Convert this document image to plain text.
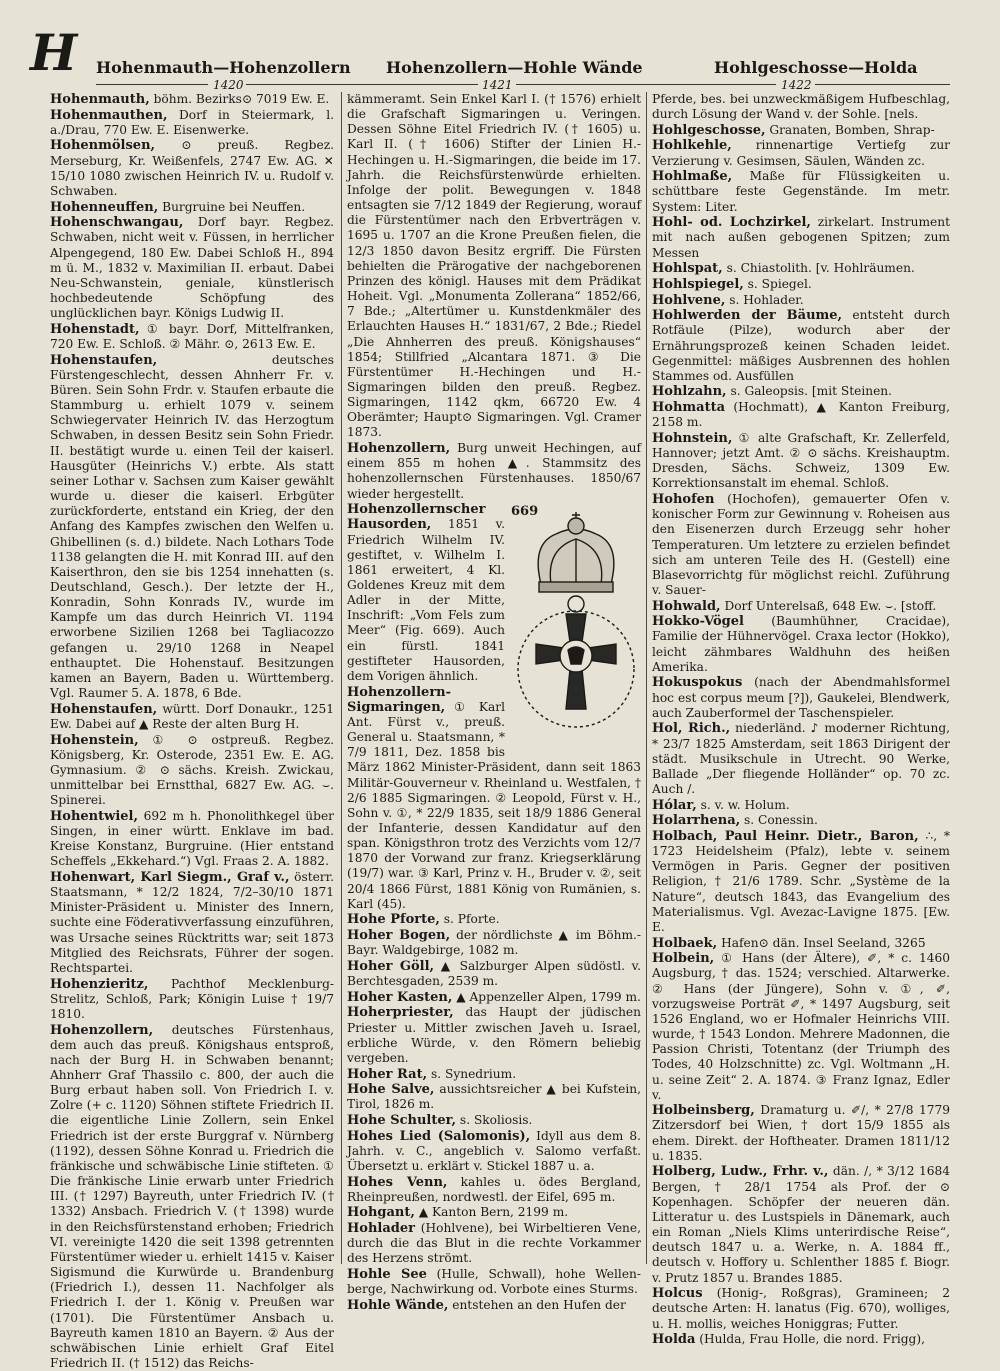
H Hohenmauth—Hohenzollern Hohenzollern—Hohle Wände	Hohlgeschosse—Holda
1420	1421	1422

Hohenmauth, böhm. Bezirks⊙ 7019 Ew. E.

Hohenmauthen, Dorf in Steiermark, l. a./Drau, 770 Ew. E. Eisenwerke.

Hohenmölsen, ⊙ preuß. Regbez. Merseburg, Kr. Weißenfels, 2747 Ew. AG. ✕ 15/10 1080 zwischen Heinrich IV. u. Rudolf v. Schwaben.

Hohenneuffen, Burgruine bei Neuffen.

Hohenschwangau, Dorf bayr. Regbez. Schwaben, nicht weit v. Füssen, in herrlicher Alpengegend, 180 Ew. Dabei Schloß H., 894 m ü. M., 1832 v. Maximilian II. erbaut. Dabei Neu-Schwanstein, geniale, künstlerisch hochbedeutende Schöpfung des unglücklichen bayr. Königs Ludwig II.

Hohenstadt, ① bayr. Dorf, Mittelfranken, 720 Ew. E. Schloß. ② Mähr. ⊙, 2613 Ew. E.

Hohenstaufen, deutsches Fürstengeschlecht, dessen Ahnherr Fr. v. Büren. Sein Sohn Frdr. v. Staufen erbaute die Stammburg u. erhielt 1079 v. seinem Schwiegervater Heinrich IV. das Herzogtum Schwaben, in dessen Besitz sein Sohn Friedr. II. bestätigt wurde u. einen Teil der kaiserl. Hausgüter (Heinrichs V.) erbte. Als statt seiner Lothar v. Sachsen zum Kaiser gewählt wurde u. dieser die kaiserl. Erbgüter zurückforderte, entstand ein Krieg, der den Anfang des Kampfes zwischen den Welfen u. Ghibellinen (s. d.) bildete. Nach Lothars Tode 1138 gelangten die H. mit Konrad III. auf den Kaiserthron, den sie bis 1254 innehatten (s. Deutschland, Gesch.). Der letzte der H., Konradin, Sohn Konrads IV., wurde im Kampfe um das durch Heinrich VI. 1194 erworbene Sizilien 1268 bei Tagliacozzo gefangen u. 29/10 1268 in Neapel enthauptet. Die Hohenstauf. Besitzungen kamen an Bayern, Baden u. Württemberg. Vgl. Raumer 5. A. 1878, 6 Bde.

Hohenstaufen, württ. Dorf Donaukr., 1251 Ew. Dabei auf ▲ Reste der alten Burg H.

Hohenstein, ① ⊙ ostpreuß. Regbez. Königsberg, Kr. Osterode, 2351 Ew. E. AG. Gymnasium. ② ⊙ sächs. Kreish. Zwickau, unmittelbar bei Ernstthal, 6827 Ew. AG. ⌣. Spinerei.

Hohentwiel, 692 m h. Phonolithkegel über Singen, in einer württ. Enklave im bad. Kreise Konstanz, Burgruine. (Hier entstand Scheffels „Ekkehard.“) Vgl. Fraas 2. A. 1882.

Hohenwart, Karl Siegm., Graf v., österr. Staatsmann, * 12/2 1824, 7/2–30/10 1871 Minister-Präsident u. Minister des Innern, suchte eine Föderativverfassung einzuführen, was Ursache seines Rücktritts war; seit 1873 Mitglied des Reichsrats, Führer der sogen. Rechtspartei.

Hohenzieritz, Pachthof Mecklenburg-Strelitz, Schloß, Park; Königin Luise † 19/7 1810.

Hohenzollern, deutsches Fürstenhaus, dem auch das preuß. Königshaus entsproß, nach der Burg H. in Schwaben benannt; Ahnherr Graf Thassilo c. 800, der auch die Burg erbaut haben soll. Von Friedrich I. v. Zolre (+ c. 1120) Söhnen stiftete Friedrich II. die eigentliche Linie Zollern, sein Enkel Friedrich ist der erste Burggraf v. Nürnberg (1192), dessen Söhne Konrad u. Friedrich die fränkische und schwäbische Linie stifteten. ① Die fränkische Linie erwarb unter Friedrich III. († 1297) Bayreuth, unter Friedrich IV. († 1332) Ansbach. Friedrich V. († 1398) wurde in den Reichsfürstenstand erhoben; Friedrich VI. vereinigte 1420 die seit 1398 getrennten Fürstentümer wieder u. erhielt 1415 v. Kaiser Sigismund die Kurwürde u. Brandenburg (Friedrich I.), dessen 11. Nachfolger als Friedrich I. der 1. König v. Preußen war (1701). Die Fürstentümer Ansbach u. Bayreuth kamen 1810 an Bayern. ② Aus der schwäbischen Linie erhielt Graf Eitel Friedrich II. († 1512) das Reichs-

kämmeramt. Sein Enkel Karl I. († 1576) erhielt die Grafschaft Sigmaringen u. Veringen. Dessen Söhne Eitel Friedrich IV. († 1605) u. Karl II. († 1606) Stifter der Linien H.-Hechingen u. H.-Sigmaringen, die beide im 17. Jahrh. die Reichsfürstenwürde erhielten. Infolge der polit. Bewegungen v. 1848 entsagten sie 7/12 1849 der Regierung, worauf die Fürstentümer nach den Erbverträgen v. 1695 u. 1707 an die Krone Preußen fielen, die 12/3 1850 davon Besitz ergriff. Die Fürsten behielten die Prärogative der nachgeborenen Prinzen des königl. Hauses mit dem Prädikat Hoheit. Vgl. „Monumenta Zollerana“ 1852/66, 7 Bde.; „Altertümer u. Kunstdenkmäler des Erlauchten Hauses H.“ 1831/67, 2 Bde.; Riedel „Die Ahnherren des preuß. Königshauses“ 1854; Stillfried „Alcantara 1871. ③ Die Fürstentümer H.-Hechingen und H.-Sigmaringen bilden den preuß. Regbez. Sigmaringen, 1142 qkm, 66720 Ew. 4 Oberämter; Haupt⊙ Sigmaringen. Vgl. Cramer 1873.

Hohenzollern, Burg unweit Hechingen, auf einem 855 m hohen ▲. Stammsitz des hohenzollernschen Fürstenhauses. 1850/67 wieder hergestellt.

669
Hohenzollernscher Hausorden, 1851 v. Friedrich Wilhelm IV. gestiftet, v. Wilhelm I. 1861 erweitert, 4 Kl. Goldenes Kreuz mit dem Adler in der Mitte, Inschrift: „Vom Fels zum Meer“ (Fig. 669). Auch ein fürstl. 1841 gestifteter Hausorden, dem Vorigen ähnlich.

Hohenzollern-Sigmaringen, ① Karl Ant. Fürst v., preuß. General u. Staatsmann, * 7/9 1811, Dez. 1858 bis März 1862 Minister-Präsident, dann seit 1863 Militär-Gouverneur v. Rheinland u. Westfalen, † 2/6 1885 Sigmaringen. ② Leopold, Fürst v. H., Sohn v. ①, * 22/9 1835, seit 18/9 1886 General der Infanterie, dessen Kandidatur auf den span. Königsthron trotz des Verzichts vom 12/7 1870 der Vorwand zur franz. Kriegserklärung (19/7) war. ③ Karl, Prinz v. H., Bruder v. ②, seit 20/4 1866 Fürst, 1881 König von Rumänien, s. Karl (45).

Hohe Pforte, s. Pforte.

Hoher Bogen, der nördlichste ▲ im Böhm.-Bayr. Waldgebirge, 1082 m.

Hoher Göll, ▲ Salzburger Alpen südöstl. v. Berchtesgaden, 2539 m.

Hoher Kasten, ▲ Appenzeller Alpen, 1799 m.

Hoherpriester, das Haupt der jüdischen Priester u. Mittler zwischen Javeh u. Israel, erbliche Würde, v. den Römern beliebig vergeben.

Hoher Rat, s. Synedrium.

Hohe Salve, aussichtsreicher ▲ bei Kufstein, Tirol, 1826 m.

Hohe Schulter, s. Skoliosis.

Hohes Lied (Salomonis), Idyll aus dem 8. Jahrh. v. C., angeblich v. Salomo verfaßt. Übersetzt u. erklärt v. Stickel 1887 u. a.

Hohes Venn, kahles u. ödes Bergland, Rheinpreußen, nordwestl. der Eifel, 695 m.

Hohgant, ▲ Kanton Bern, 2199 m.

Hohlader (Hohlvene), bei Wirbeltieren Vene, durch die das Blut in die rechte Vorkammer des Herzens strömt.

Hohle See (Hulle, Schwall), hohe Wellen-berge, Nachwirkung od. Vorbote eines Sturms.

Hohle Wände, entstehen an den Hufen der

Pferde, bes. bei unzweckmäßigem Hufbeschlag, durch Lösung der Wand v. der Sohle. [nels.

Hohlgeschosse, Granaten, Bomben, Shrap-

Hohlkehle, rinnenartige Vertiefg zur Verzierung v. Gesimsen, Säulen, Wänden zc.

Hohlmaße, Maße für Flüssigkeiten u. schüttbare feste Gegenstände. Im metr. System: Liter.

Hohl- od. Lochzirkel, zirkelart. Instrument mit nach außen gebogenen Spitzen; zum Messen

Hohlspat, s. Chiastolith. [v. Hohlräumen.

Hohlspiegel, s. Spiegel.

Hohlvene, s. Hohlader.

Hohlwerden der Bäume, entsteht durch Rotfäule (Pilze), wodurch aber der Ernährungsprozeß keinen Schaden leidet. Gegenmittel: mäßiges Ausbrennen des hohlen Stammes od. Ausfüllen

Hohlzahn, s. Galeopsis. [mit Steinen.

Hohmatta (Hochmatt), ▲ Kanton Freiburg, 2158 m.

Hohnstein, ① alte Grafschaft, Kr. Zellerfeld, Hannover; jetzt Amt. ② ⊙ sächs. Kreishauptm. Dresden, Sächs. Schweiz, 1309 Ew. Korrektionsanstalt im ehemal. Schloß.

Hohofen (Hochofen), gemauerter Ofen v. konischer Form zur Gewinnung v. Roheisen aus den Eisenerzen durch Erzeugg sehr hoher Temperaturen. Um letztere zu erzielen befindet sich am unteren Teile des H. (Gestell) eine Blasevorrichtg für möglichst reichl. Zuführung v. Sauer-

Hohwald, Dorf Unterelsaß, 648 Ew. ⌣. [stoff.

Hokko-Vögel (Baumhühner, Cracidae), Familie der Hühnervögel. Craxa lector (Hokko), leicht zähmbares Waldhuhn des heißen Amerika.

Hokuspokus (nach der Abendmahlsformel hoc est corpus meum [?]), Gaukelei, Blendwerk, auch Zauberformel der Taschenspieler.

Hol, Rich., niederländ. ♪ moderner Richtung, * 23/7 1825 Amsterdam, seit 1863 Dirigent der städt. Musikschule in Utrecht. 90 Werke, Ballade „Der fliegende Holländer“ op. 70 zc. Auch /.

Hólar, s. v. w. Holum.

Holarrhena, s. Conessin.

Holbach, Paul Heinr. Dietr., Baron, ∴, * 1723 Heidelsheim (Pfalz), lebte v. seinem Vermögen in Paris. Gegner der positiven Religion, † 21/6 1789. Schr. „Système de la Nature“, deutsch 1843, das Evangelium des Materialismus. Vgl. Avezac-Lavigne 1875. [Ew. E.

Holbaek, Hafen⊙ dän. Insel Seeland, 3265

Holbein, ① Hans (der Ältere), ✐, * c. 1460 Augsburg, † das. 1524; verschied. Altarwerke. ② Hans (der Jüngere), Sohn v. ①, ✐, vorzugsweise Porträt ✐, * 1497 Augsburg, seit 1526 England, wo er Hofmaler Heinrichs VIII. wurde, † 1543 London. Mehrere Madonnen, die Passion Christi, Totentanz (der Triumph des Todes, 40 Holzschnitte) zc. Vgl. Woltmann „H. u. seine Zeit“ 2. A. 1874. ③ Franz Ignaz, Edler v.

Holbeinsberg, Dramaturg u. ✐/, * 27/8 1779 Zitzersdorf bei Wien, † dort 15/9 1855 als ehem. Direkt. der Hoftheater. Dramen 1811/12 u. 1835.

Holberg, Ludw., Frhr. v., dän. /, * 3/12 1684 Bergen, † 28/1 1754 als Prof. der ⊙ Kopenhagen. Schöpfer der neueren dän. Litteratur u. des Lustspiels in Dänemark, auch ein Roman „Niels Klims unterirdische Reise“, deutsch 1847 u. a. Werke, n. A. 1884 ff., deutsch v. Hoffory u. Schlenther 1885 f. Biogr. v. Prutz 1857 u. Brandes 1885.

Holcus (Honig-, Roßgras), Gramineen; 2 deutsche Arten: H. lanatus (Fig. 670), wolliges, u. H. mollis, weiches Honiggras; Futter.

Holda (Hulda, Frau Holle, die nord. Frigg),
